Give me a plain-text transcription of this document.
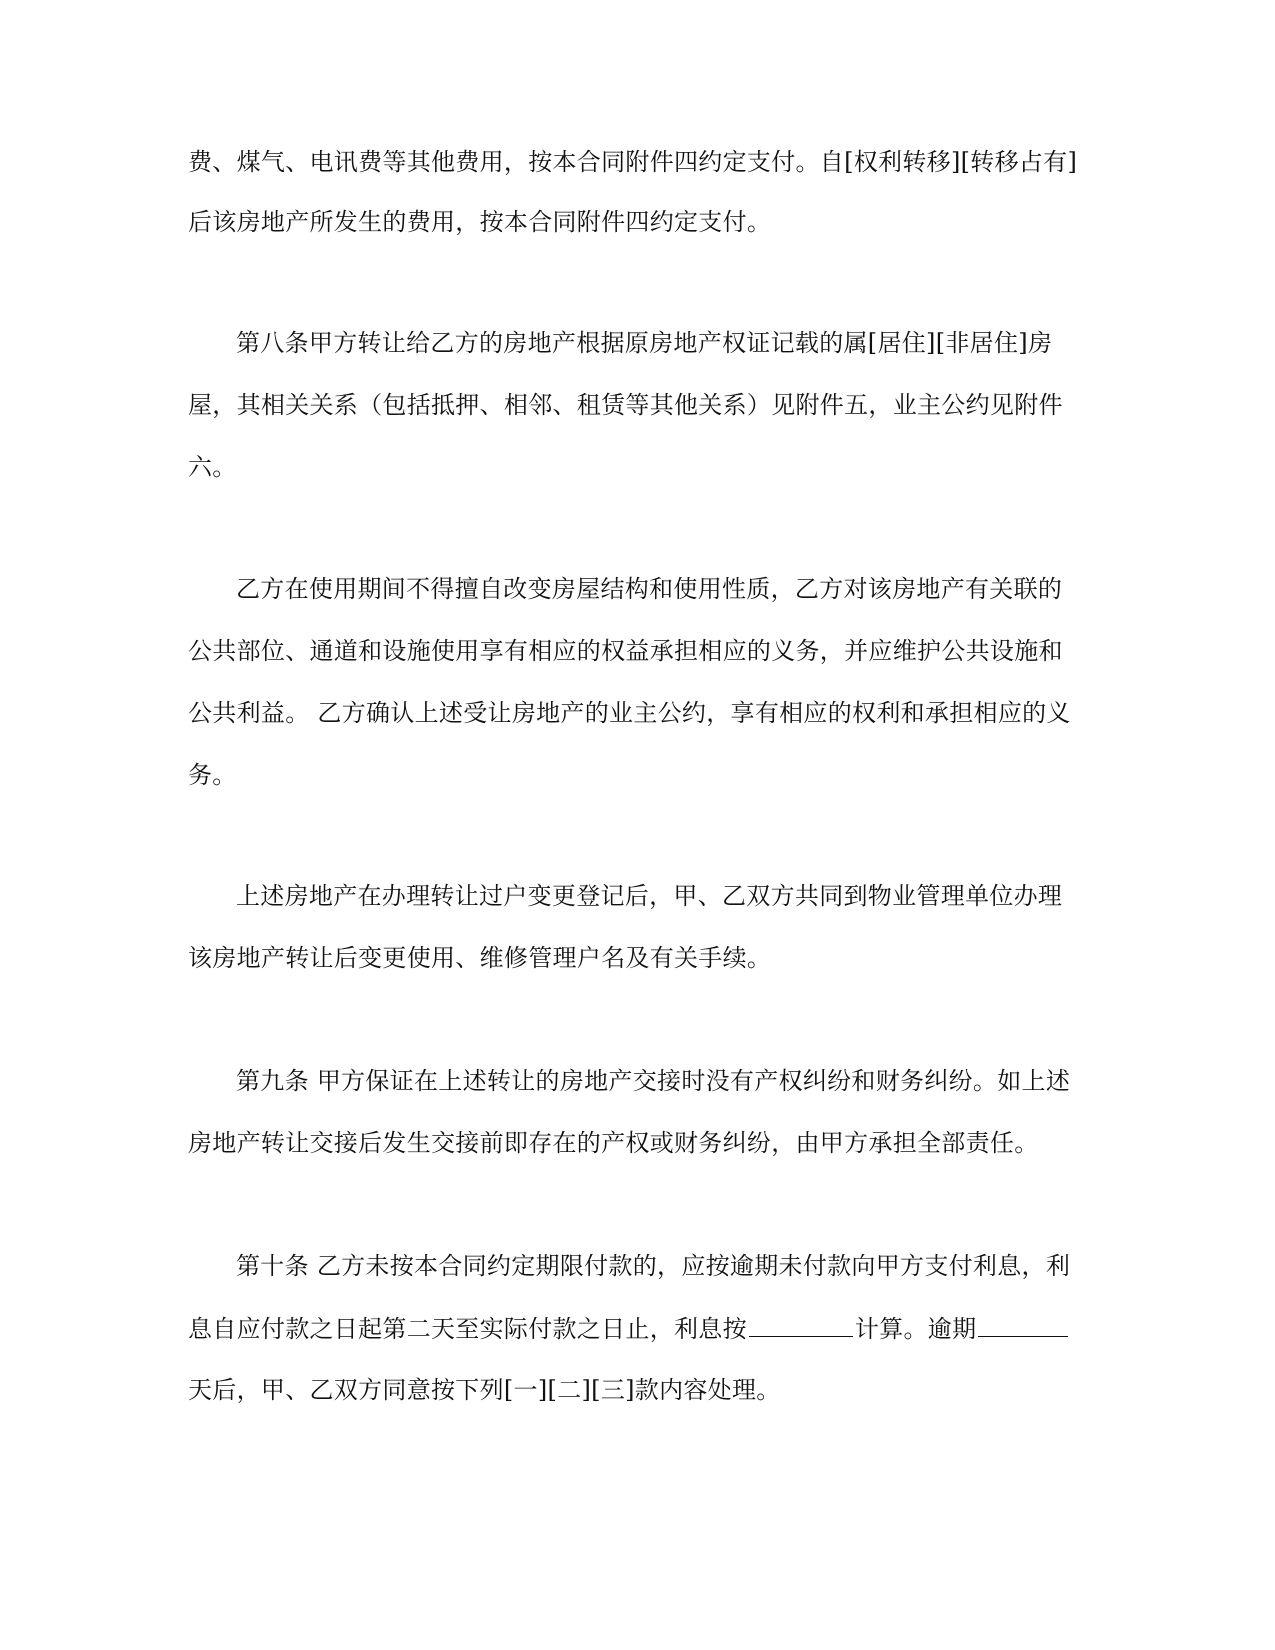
费、煤气、电讯费等其他费用，按本合同附件四约定支付。自[权利转移][转移占有]
后该房地产所发生的费用，按本合同附件四约定支付。
第八条甲方转让给乙方的房地产根据原房地产权证记载的属[居住][非居住]房
屋，其相关关系（包括抵押、相邻、租赁等其他关系）见附件五，业主公约见附件
六。
乙方在使用期间不得擅自改变房屋结构和使用性质，乙方对该房地产有关联的
公共部位、通道和设施使用享有相应的权益承担相应的义务，并应维护公共设施和
公共利益。 乙方确认上述受让房地产的业主公约，享有相应的权利和承担相应的义
务。
上述房地产在办理转让过户变更登记后，甲、乙双方共同到物业管理单位办理
该房地产转让后变更使用、维修管理户名及有关手续。
第九条 甲方保证在上述转让的房地产交接时没有产权纠纷和财务纠纷。如上述
房地产转让交接后发生交接前即存在的产权或财务纠纷，由甲方承担全部责任。
第十条 乙方未按本合同约定期限付款的，应按逾期未付款向甲方支付利息，利
息自应付款之日起第二天至实际付款之日止，利息按	计算。逾期
天后，甲、乙双方同意按下列[一][二][三]款内容处理。
